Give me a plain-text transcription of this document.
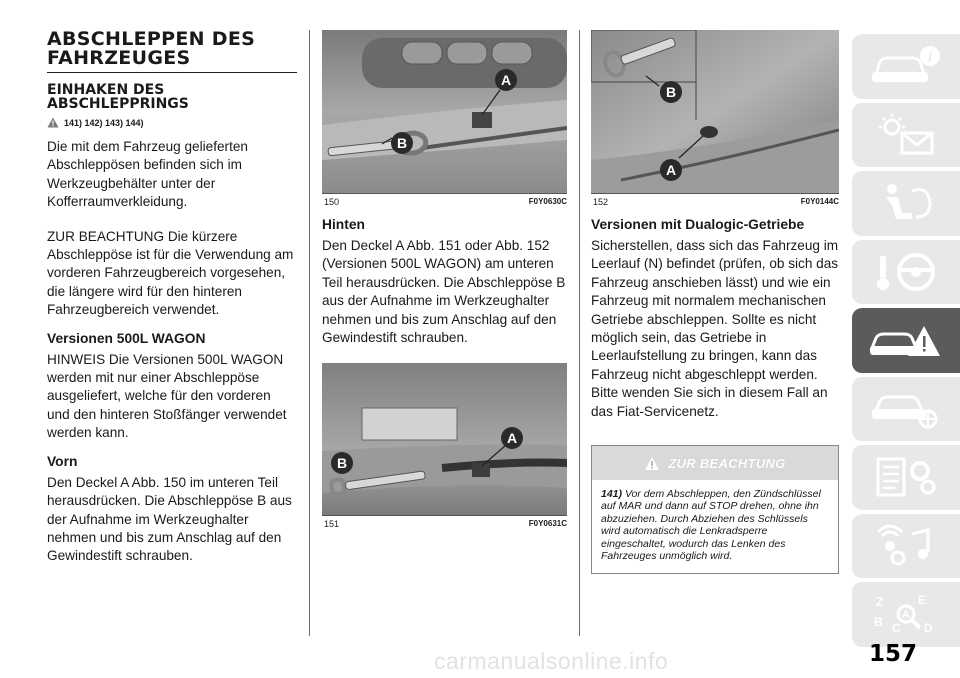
ABSCHLEPPEN DES
FAHRZEUGES
EINHAKEN DES
ABSCHLEPPRINGS
141) 142) 143) 144)

Die mit dem Fahrzeug gelieferten Abschleppösen befinden sich im Werkzeugbehälter unter der Kofferraumverkleidung.

ZUR BEACHTUNG Die kürzere Abschleppöse ist für die Verwendung am vorderen Fahrzeugbereich vorgesehen, die längere wird für den hinteren Fahrzeugbereich verwendet.

Versionen 500L WAGON

HINWEIS Die Versionen 500L WAGON werden mit nur einer Abschleppöse ausgeliefert, welche für den vorderen und den hinteren Stoßfänger verwendet werden kann.

Vorn

Den Deckel A Abb. 150 im unteren Teil herausdrücken. Die Abschleppöse B aus der Aufnahme im Werkzeughalter nehmen und bis zum Anschlag auf den Gewindestift schrauben.

A
B
150	F0Y0630C
Hinten

Den Deckel A Abb. 151 oder Abb. 152 (Versionen 500L WAGON) am unteren Teil herausdrücken. Die Abschleppöse B aus der Aufnahme im Werkzeughalter nehmen und bis zum Anschlag auf den Gewindestift schrauben.

A
B
151	F0Y0631C
B
A
152	F0Y0144C
Versionen mit Dualogic-Getriebe

Sicherstellen, dass sich das Fahrzeug im Leerlauf (N) befindet (prüfen, ob sich das Fahrzeug anschieben lässt) und wie ein Fahrzeug mit normalem mechanischen Getriebe abschleppen. Sollte es nicht möglich sein, das Getriebe in Leerlaufstellung zu bringen, kann das Fahrzeug nicht abgeschleppt werden. Bitte wenden Sie sich in diesem Fall an das Fiat-Servicenetz.

ZUR BEACHTUNG
141) Vor dem Abschleppen, den Zündschlüssel auf MAR und dann auf STOP drehen, ohne ihn abzuziehen. Durch Abziehen des Schlüssels wird automatisch die Lenkradsperre eingeschaltet, wodurch das Lenken des Fahrzeuges unmöglich wird.
i
Z	E
B C D
A
carmanualsonline.info	157
